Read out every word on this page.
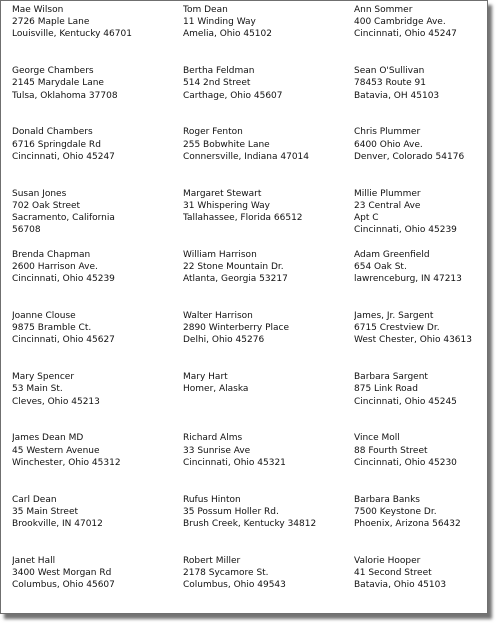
Mae Wilson
2726 Maple Lane
Louisville, Kentucky 46701
Tom Dean
11 Winding Way
Amelia, Ohio 45102
Ann Sommer
400 Cambridge Ave.
Cincinnati, Ohio 45247
George Chambers
2145 Marydale Lane
Tulsa, Oklahoma 37708
Bertha Feldman
514 2nd Street
Carthage, Ohio 45607
Sean O'Sullivan
78453 Route 91
Batavia, OH 45103
Donald Chambers
6716 Springdale Rd
Cincinnati, Ohio 45247
Roger Fenton
255 Bobwhite Lane
Connersville, Indiana 47014
Chris Plummer
6400 Ohio Ave.
Denver, Colorado 54176
Susan Jones
702 Oak Street
Sacramento, California
56708
Margaret Stewart
31 Whispering Way
Tallahassee, Florida 66512
Millie Plummer
23 Central Ave
Apt C
Cincinnati, Ohio 45239
Brenda Chapman
2600 Harrison Ave.
Cincinnati, Ohio 45239
William Harrison
22 Stone Mountain Dr.
Atlanta, Georgia 53217
Adam Greenfield
654 Oak St.
lawrenceburg, IN 47213
Joanne Clouse
9875 Bramble Ct.
Cincinnati, Ohio 45627
Walter Harrison
2890 Winterberry Place
Delhi, Ohio 45276
James, Jr. Sargent
6715 Crestview Dr.
West Chester, Ohio 43613
Mary Spencer
53 Main St.
Cleves, Ohio 45213
Mary Hart
Homer, Alaska
Barbara Sargent
875 Link Road
Cincinnati, Ohio 45245
James Dean MD
45 Western Avenue
Winchester, Ohio 45312
Richard Alms
33 Sunrise Ave
Cincinnati, Ohio 45321
Vince Moll
88 Fourth Street
Cincinnati, Ohio 45230
Carl Dean
35 Main Street
Brookville, IN 47012
Rufus Hinton
35 Possum Holler Rd.
Brush Creek, Kentucky 34812
Barbara Banks
7500 Keystone Dr.
Phoenix, Arizona 56432
Janet Hall
3400 West Morgan Rd
Columbus, Ohio 45607
Robert Miller
2178 Sycamore St.
Columbus, Ohio 49543
Valorie Hooper
41 Second Street
Batavia, Ohio 45103
